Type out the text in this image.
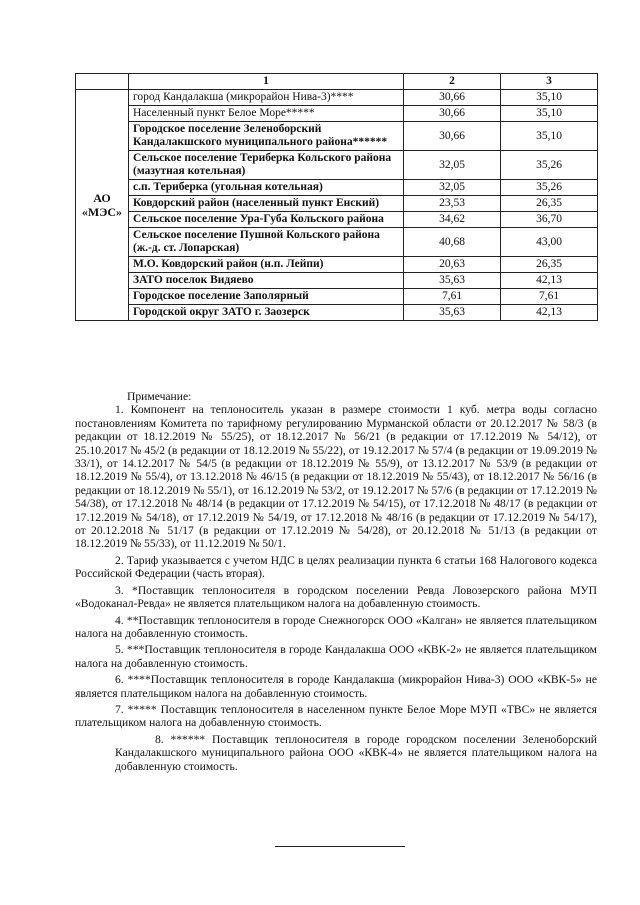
	1	2	3
АО «МЭС»	город Кандалакша (микрорайон Нива-3)****	30,66	35,10
	Населенный пункт Белое Море*****	30,66	35,10
	Городское поселение Зеленоборский Кандалакшского муниципального района******	30,66	35,10
	Сельское поселение Териберка Кольского района (мазутная котельная)	32,05	35,26
	с.п. Териберка (угольная котельная)	32,05	35,26
	Ковдорский район (населенный пункт Енский)	23,53	26,35
	Сельское поселение Ура-Губа Кольского района	34,62	36,70
	Сельское поселение Пушной Кольского района (ж.-д. ст. Лопарская)	40,68	43,00
	М.О. Ковдорский район (н.п. Лейпи)	20,63	26,35
	ЗАТО поселок Видяево	35,63	42,13
	Городское поселение Заполярный	7,61	7,61
	Городской округ ЗАТО г. Заозерск	35,63	42,13

Примечание:

1. Компонент на теплоноситель указан в размере стоимости 1 куб. метра воды согласно постановлениям Комитета по тарифному регулированию Мурманской области от 20.12.2017 № 58/3 (в редакции от 18.12.2019 № 55/25), от 18.12.2017 № 56/21 (в редакции от 17.12.2019 № 54/12), от 25.10.2017 № 45/2 (в редакции от 18.12.2019 № 55/22), от 19.12.2017 № 57/4 (в редакции от 19.09.2019 № 33/1), от 14.12.2017 № 54/5 (в редакции от 18.12.2019 № 55/9), от 13.12.2017 № 53/9 (в редакции от 18.12.2019 № 55/4), от 13.12.2018 № 46/15 (в редакции от 18.12.2019 № 55/43), от 18.12.2017 № 56/16 (в редакции от 18.12.2019 № 55/1), от 16.12.2019 № 53/2, от 19.12.2017 № 57/6 (в редакции от 17.12.2019 № 54/38), от 17.12.2018 № 48/14 (в редакции от 17.12.2019 № 54/15), от 17.12.2018 № 48/17 (в редакции от 17.12.2019 № 54/18), от 17.12.2019 № 54/19, от 17.12.2018 № 48/16 (в редакции от 17.12.2019 № 54/17), от 20.12.2018 № 51/17 (в редакции от 17.12.2019 № 54/28), от 20.12.2018 № 51/13 (в редакции от 18.12.2019 № 55/33), от 11.12.2019 № 50/1.

2. Тариф указывается с учетом НДС в целях реализации пункта 6 статьи 168 Налогового кодекса Российской Федерации (часть вторая).

3. *Поставщик теплоносителя в городском поселении Ревда Ловозерского района МУП «Водоканал-Ревда» не является плательщиком налога на добавленную стоимость.

4. **Поставщик теплоносителя в городе Снежногорск ООО «Калган» не является плательщиком налога на добавленную стоимость.

5. ***Поставщик теплоносителя в городе Кандалакша ООО «КВК-2» не является плательщиком налога на добавленную стоимость.

6. ****Поставщик теплоносителя в городе Кандалакша (микрорайон Нива-3) ООО «КВК-5» не является плательщиком налога на добавленную стоимость.

7. ***** Поставщик теплоносителя в населенном пункте Белое Море МУП «ТВС» не является плательщиком налога на добавленную стоимость.

8. ****** Поставщик теплоносителя в городе городском поселении Зеленоборский Кандалакшского муниципального района ООО «КВК-4» не является плательщиком налога на добавленную стоимость.
